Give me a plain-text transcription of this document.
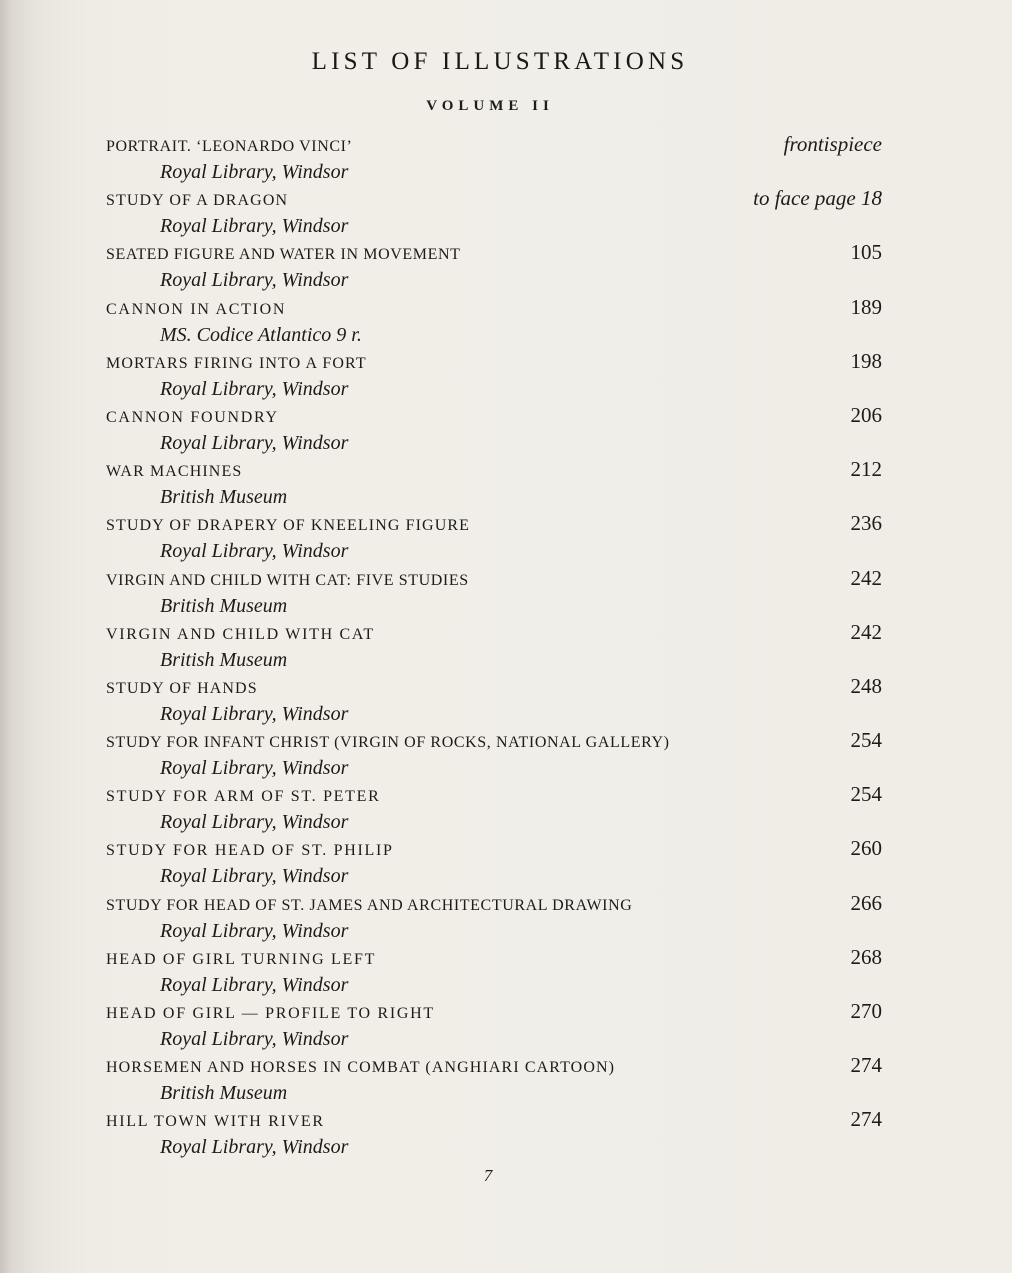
LIST OF ILLUSTRATIONS
VOLUME II
PORTRAIT. ‘LEONARDO VINCI’
Royal Library, Windsor
frontispiece
STUDY OF A DRAGON
Royal Library, Windsor
to face page 18
SEATED FIGURE AND WATER IN MOVEMENT
Royal Library, Windsor
105
CANNON IN ACTION
MS. Codice Atlantico 9 r.
189
MORTARS FIRING INTO A FORT
Royal Library, Windsor
198
CANNON FOUNDRY
Royal Library, Windsor
206
WAR MACHINES
British Museum
212
STUDY OF DRAPERY OF KNEELING FIGURE
Royal Library, Windsor
236
VIRGIN AND CHILD WITH CAT: FIVE STUDIES
British Museum
242
VIRGIN AND CHILD WITH CAT
British Museum
242
STUDY OF HANDS
Royal Library, Windsor
248
STUDY FOR INFANT CHRIST (VIRGIN OF ROCKS, NATIONAL GALLERY)
Royal Library, Windsor
254
STUDY FOR ARM OF ST. PETER
Royal Library, Windsor
254
STUDY FOR HEAD OF ST. PHILIP
Royal Library, Windsor
260
STUDY FOR HEAD OF ST. JAMES AND ARCHITECTURAL DRAWING
Royal Library, Windsor
266
HEAD OF GIRL TURNING LEFT
Royal Library, Windsor
268
HEAD OF GIRL — PROFILE TO RIGHT
Royal Library, Windsor
270
HORSEMEN AND HORSES IN COMBAT (ANGHIARI CARTOON)
British Museum
274
HILL TOWN WITH RIVER
Royal Library, Windsor
274
7
